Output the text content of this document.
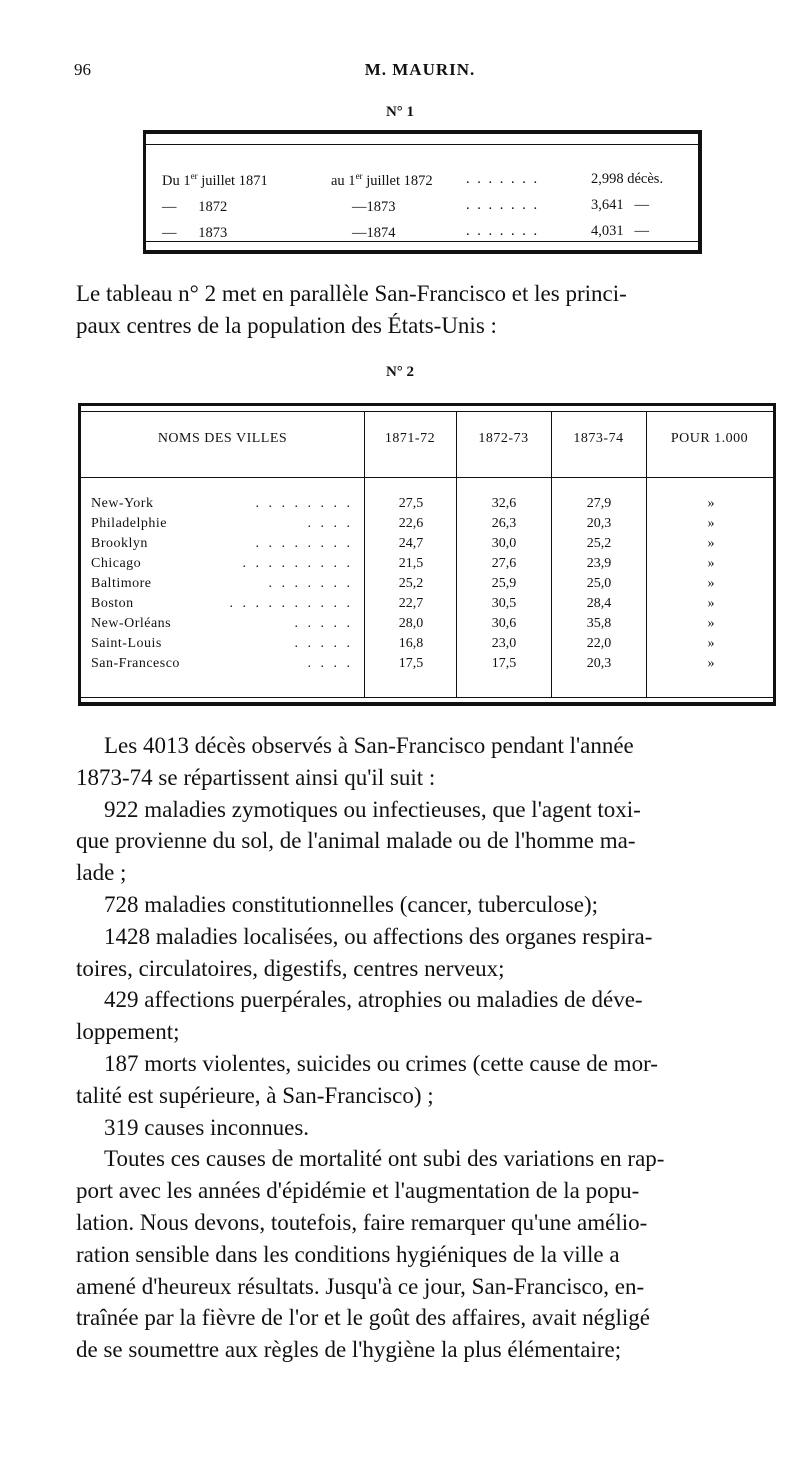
96	M. MAURIN.
N° 1
Du 1er juillet 1871	au 1er juillet 1872 . . . . . . .	2,998 décès.
—      1872	—1873	. . . . . . .	3,641   —
—      1873	—1874	. . . . . . .	4,031   —
Le tableau n° 2 met en parallèle San-Francisco et les princi-
paux centres de la population des États-Unis :
N° 2
NOMS DES VILLES	1871-72	1872-73	1873-74	POUR 1.000
New-York	. . . . . . . .	27,5	32,6	27,9	»
Philadelphie	. . . .	22,6	26,3	20,3	»
Brooklyn	. . . . . . . .	24,7	30,0	25,2	»
Chicago	. . . . . . . . .	21,5	27,6	23,9	»
Baltimore	. . . . . . .	25,2	25,9	25,0	»
Boston	. . . . . . . . . .	22,7	30,5	28,4	»
New-Orléans	. . . . .	28,0	30,6	35,8	»
Saint-Louis	. . . . .	16,8	23,0	22,0	»
San-Francesco	. . . .	17,5	17,5	20,3	»
Les 4013 décès observés à San-Francisco pendant l'année
1873-74 se répartissent ainsi qu'il suit :
922 maladies zymotiques ou infectieuses, que l'agent toxi-
que provienne du sol, de l'animal malade ou de l'homme ma-
lade ;
728 maladies constitutionnelles (cancer, tuberculose);
1428 maladies localisées, ou affections des organes respira-
toires, circulatoires, digestifs, centres nerveux;
429 affections puerpérales, atrophies ou maladies de déve-
loppement;
187 morts violentes, suicides ou crimes (cette cause de mor-
talité est supérieure, à San-Francisco) ;
319 causes inconnues.
Toutes ces causes de mortalité ont subi des variations en rap-
port avec les années d'épidémie et l'augmentation de la popu-
lation. Nous devons, toutefois, faire remarquer qu'une amélio-
ration sensible dans les conditions hygiéniques de la ville a
amené d'heureux résultats. Jusqu'à ce jour, San-Francisco, en-
traînée par la fièvre de l'or et le goût des affaires, avait négligé
de se soumettre aux règles de l'hygiène la plus élémentaire;
